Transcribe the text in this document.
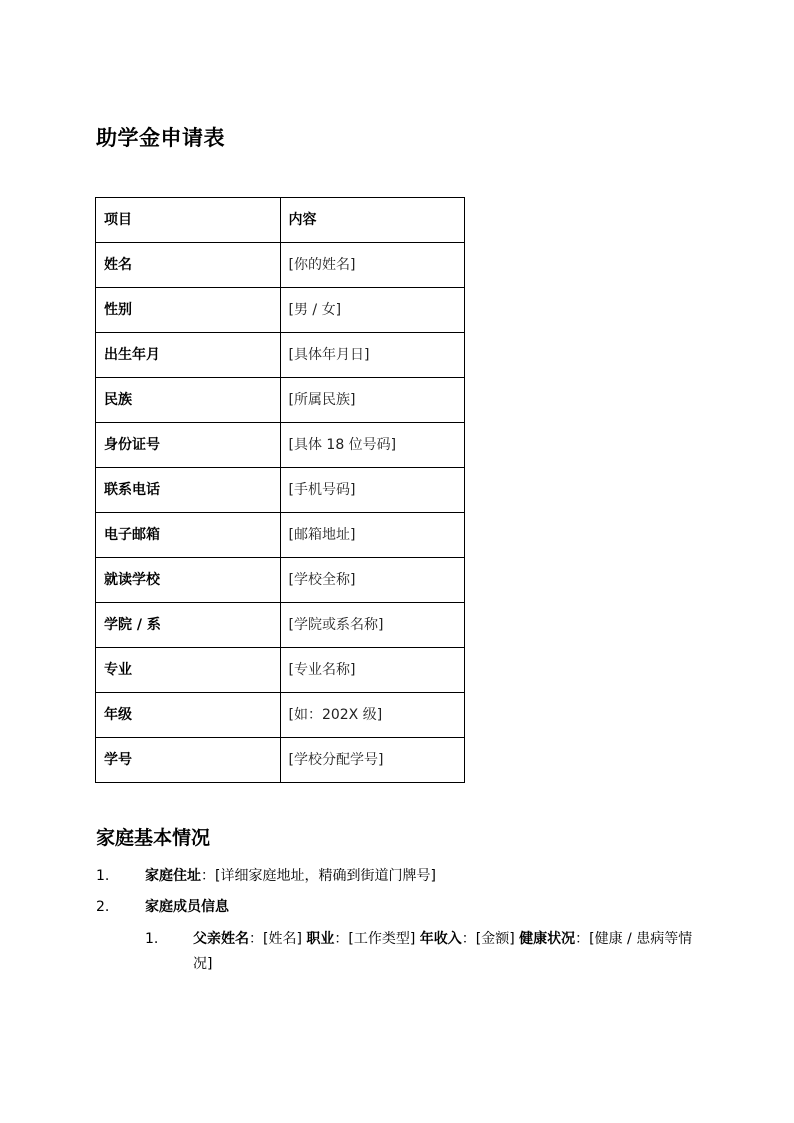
助学金申请表
项目	内容
姓名	[你的姓名]
性别	[男 / 女]
出生年月	[具体年月日]
民族	[所属民族]
身份证号	[具体 18 位号码]
联系电话	[手机号码]
电子邮箱	[邮箱地址]
就读学校	[学校全称]
学院 / 系	[学院或系名称]
专业	[专业名称]
年级	[如：202X 级]
学号	[学校分配学号]
家庭基本情况
1.	家庭住址：[详细家庭地址，精确到街道门牌号]
2.	家庭成员信息
1. 父亲姓名：[姓名] 职业：[工作类型] 年收入：[金额] 健康状况：[健康 / 患病等情况]
